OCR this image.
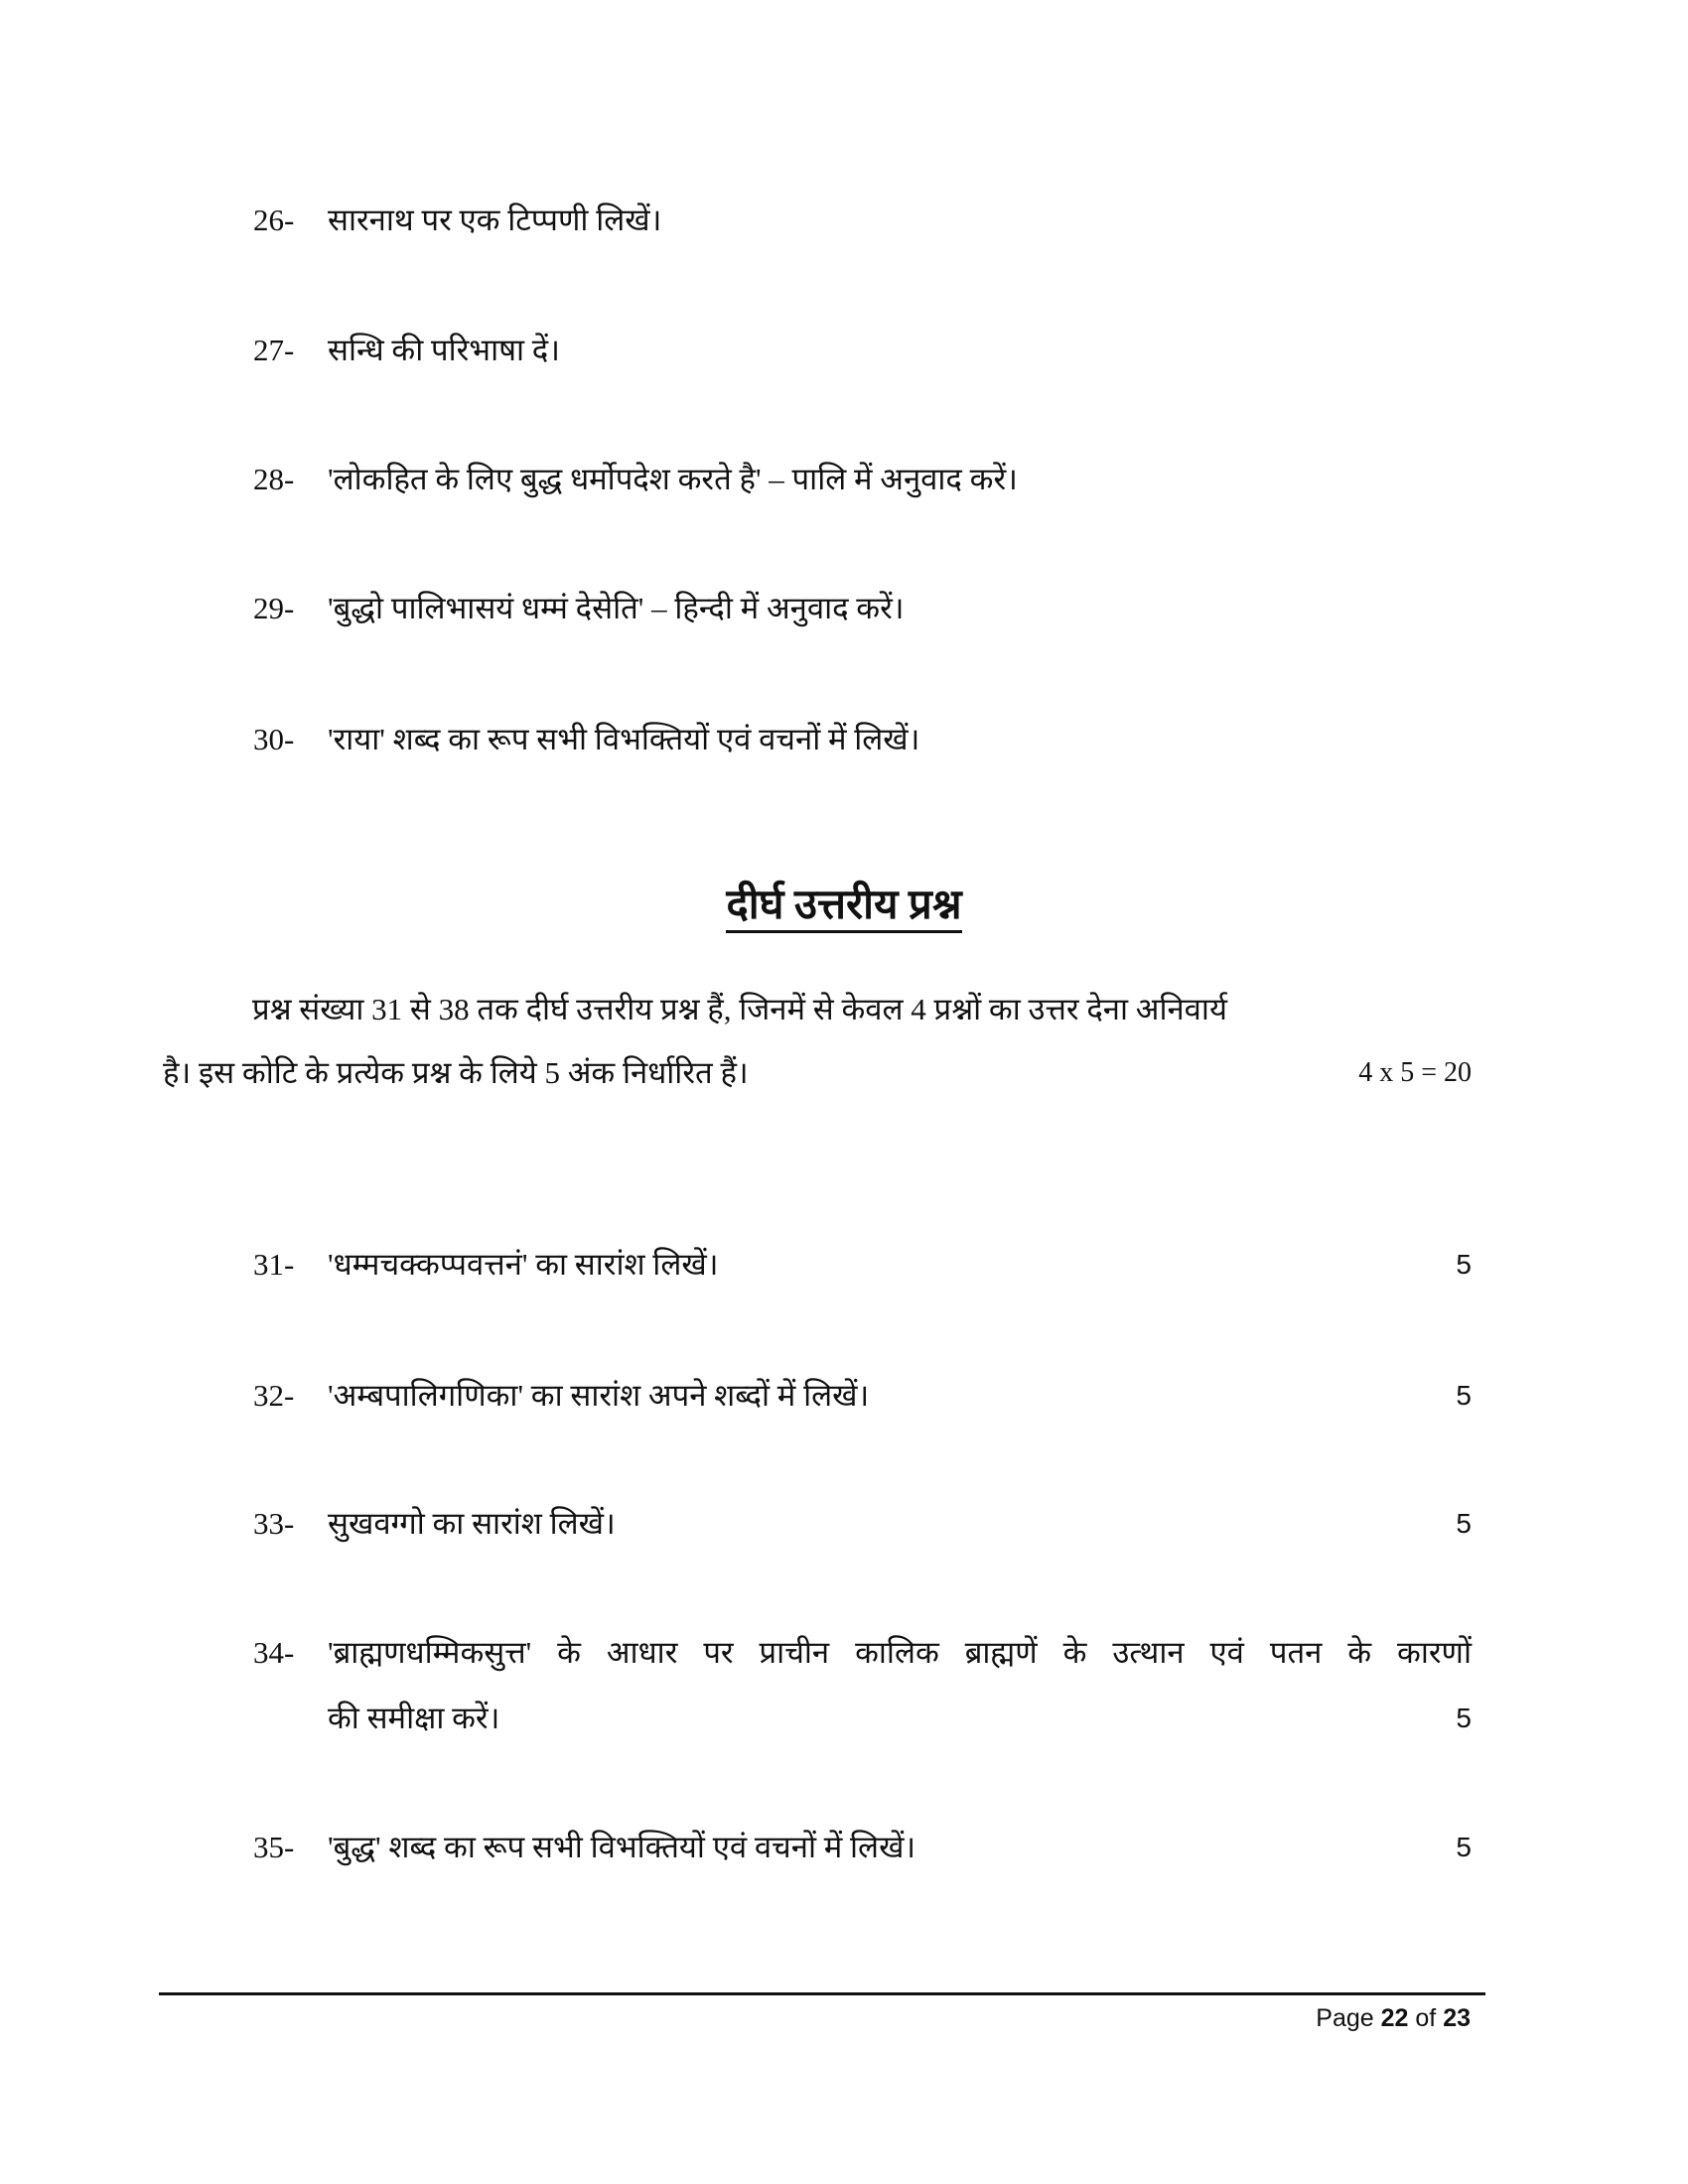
26- सारनाथ पर एक टिप्पणी लिखें।
27- सन्धि की परिभाषा दें।
28- 'लोकहित के लिए बुद्ध धर्मोपदेश करते है' – पालि में अनुवाद करें।
29- 'बुद्धो पालिभासयं धम्मं देसेति' – हिन्दी में अनुवाद करें।
30- 'राया' शब्द का रूप सभी विभक्तियों एवं वचनों में लिखें।
दीर्घ उत्तरीय प्रश्न
प्रश्न संख्या 31 से 38 तक दीर्घ उत्तरीय प्रश्न हैं, जिनमें से केवल 4 प्रश्नों का उत्तर देना अनिवार्य
है। इस कोटि के प्रत्येक प्रश्न के लिये 5 अंक निर्धारित हैं।	4 x 5 = 20
31- 'धम्मचक्कप्पवत्तनं' का सारांश लिखें।	5
32- 'अम्बपालिगणिका' का सारांश अपने शब्दों में लिखें।	5
33- सुखवग्गो का सारांश लिखें।	5
34- 'ब्राह्मणधम्मिकसुत्त' के आधार पर प्राचीन कालिक ब्राह्मणें के उत्थान एवं पतन के कारणों
की समीक्षा करें।	5
35- 'बुद्ध' शब्द का रूप सभी विभक्तियों एवं वचनों में लिखें।	5
Page 22 of 23
